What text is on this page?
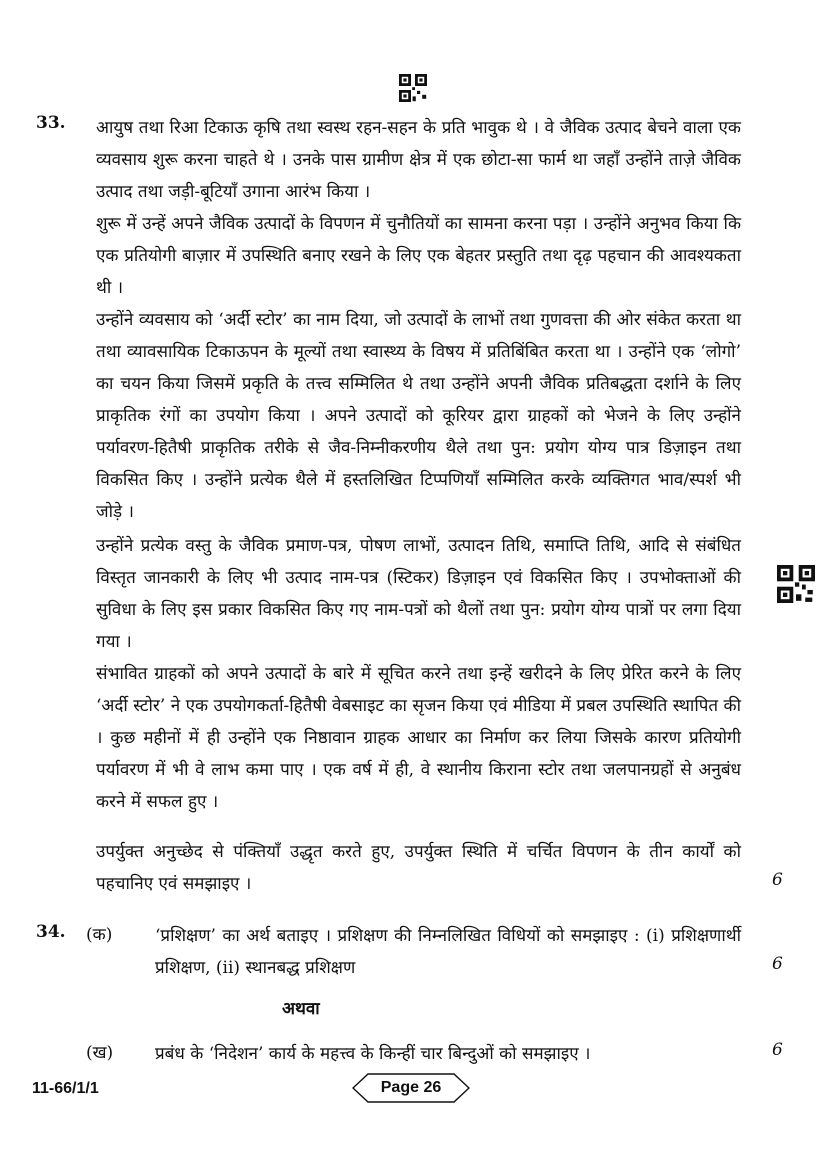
33. आयुष तथा रिआ टिकाऊ कृषि तथा स्वस्थ रहन-सहन के प्रति भावुक थे । वे जैविक उत्पाद बेचने वाला एक व्यवसाय शुरू करना चाहते थे । उनके पास ग्रामीण क्षेत्र में एक छोटा-सा फार्म था जहाँ उन्होंने ताज़े जैविक उत्पाद तथा जड़ी-बूटियाँ उगाना आरंभ किया ।

शुरू में उन्हें अपने जैविक उत्पादों के विपणन में चुनौतियों का सामना करना पड़ा । उन्होंने अनुभव किया कि एक प्रतियोगी बाज़ार में उपस्थिति बनाए रखने के लिए एक बेहतर प्रस्तुति तथा दृढ़ पहचान की आवश्यकता थी ।

उन्होंने व्यवसाय को ‘अर्दी स्टोर’ का नाम दिया, जो उत्पादों के लाभों तथा गुणवत्ता की ओर संकेत करता था तथा व्यावसायिक टिकाऊपन के मूल्यों तथा स्वास्थ्य के विषय में प्रतिबिंबित करता था । उन्होंने एक ‘लोगो’ का चयन किया जिसमें प्रकृति के तत्त्व सम्मिलित थे तथा उन्होंने अपनी जैविक प्रतिबद्धता दर्शाने के लिए प्राकृतिक रंगों का उपयोग किया । अपने उत्पादों को कूरियर द्वारा ग्राहकों को भेजने के लिए उन्होंने पर्यावरण-हितैषी प्राकृतिक तरीके से जैव-निम्नीकरणीय थैले तथा पुन: प्रयोग योग्य पात्र डिज़ाइन तथा विकसित किए । उन्होंने प्रत्येक थैले में हस्तलिखित टिप्पणियाँ सम्मिलित करके व्यक्तिगत भाव/स्पर्श भी जोड़े ।

उन्होंने प्रत्येक वस्तु के जैविक प्रमाण-पत्र, पोषण लाभों, उत्पादन तिथि, समाप्ति तिथि, आदि से संबंधित विस्तृत जानकारी के लिए भी उत्पाद नाम-पत्र (स्टिकर) डिज़ाइन एवं विकसित किए । उपभोक्ताओं की सुविधा के लिए इस प्रकार विकसित किए गए नाम-पत्रों को थैलों तथा पुन: प्रयोग योग्य पात्रों पर लगा दिया गया ।

संभावित ग्राहकों को अपने उत्पादों के बारे में सूचित करने तथा इन्हें खरीदने के लिए प्रेरित करने के लिए ‘अर्दी स्टोर’ ने एक उपयोगकर्ता-हितैषी वेबसाइट का सृजन किया एवं मीडिया में प्रबल उपस्थिति स्थापित की । कुछ महीनों में ही उन्होंने एक निष्ठावान ग्राहक आधार का निर्माण कर लिया जिसके कारण प्रतियोगी पर्यावरण में भी वे लाभ कमा पाए । एक वर्ष में ही, वे स्थानीय किराना स्टोर तथा जलपानग्रहों से अनुबंध करने में सफल हुए ।

उपर्युक्त अनुच्छेद से पंक्तियाँ उद्धृत करते हुए, उपर्युक्त स्थिति में चर्चित विपणन के तीन कार्यों को पहचानिए एवं समझाइए ।	6
34. (क)	‘प्रशिक्षण’ का अर्थ बताइए । प्रशिक्षण की निम्नलिखित विधियों को समझाइए : (i) प्रशिक्षणार्थी प्रशिक्षण, (ii) स्थानबद्ध प्रशिक्षण	6
अथवा
(ख) प्रबंध के ‘निदेशन’ कार्य के महत्त्व के किन्हीं चार बिन्दुओं को समझाइए ।	6
11-66/1/1	Page 26
